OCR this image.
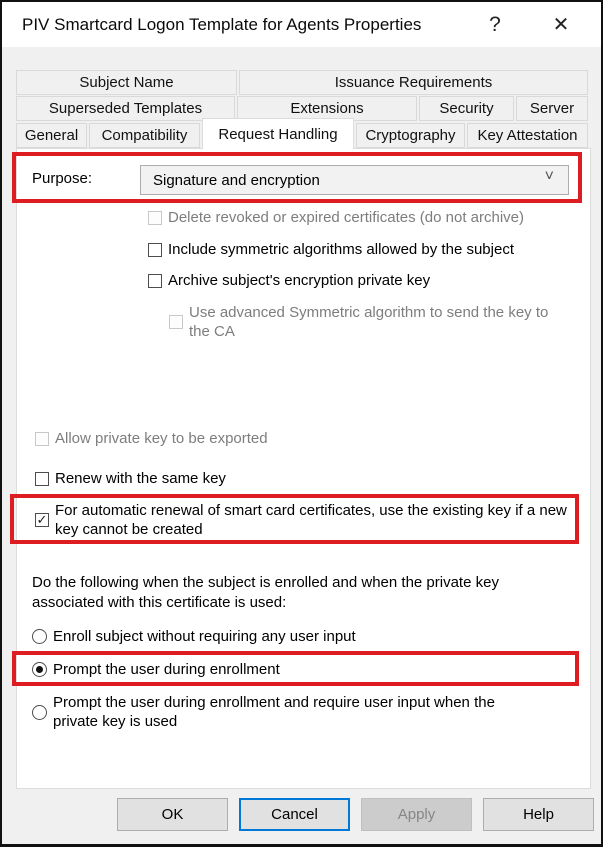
PIV Smartcard Logon Template for Agents Properties	?	✕
Subject Name	Issuance Requirements
Superseded Templates	Extensions	Security Server
General Compatibility Request Handling Cryptography Key Attestation
Purpose:	Signature and encryption	˅
Delete revoked or expired certificates (do not archive)
Include symmetric algorithms allowed by the subject
Archive subject's encryption private key
Use advanced Symmetric algorithm to send the key to the CA
Allow private key to be exported
Renew with the same key
✓
For automatic renewal of smart card certificates, use the existing key if a new key cannot be created
Do the following when the subject is enrolled and when the private key associated with this certificate is used:
Enroll subject without requiring any user input
Prompt the user during enrollment
Prompt the user during enrollment and require user input when the private key is used
OK	Cancel	Apply	Help
